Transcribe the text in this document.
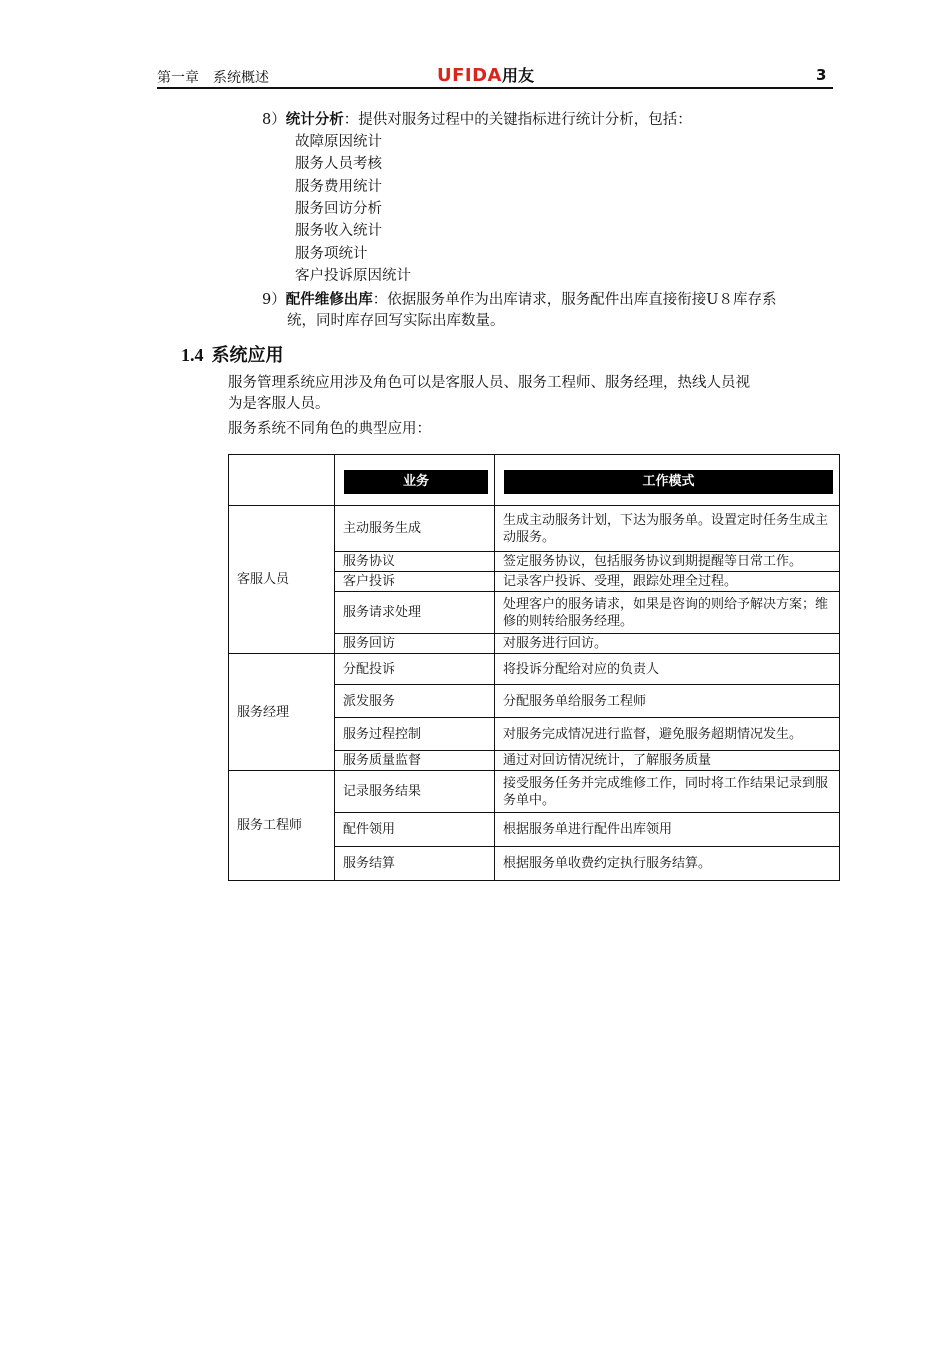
第一章　系统概述	UFIDA用友	3
8）统计分析：提供对服务过程中的关键指标进行统计分析，包括：
故障原因统计
服务人员考核
服务费用统计
服务回访分析
服务收入统计
服务项统计
客户投诉原因统计
9）配件维修出库：依据服务单作为出库请求，服务配件出库直接衔接U８库存系
统，同时库存回写实际出库数量。
1.4 系统应用
服务管理系统应用涉及角色可以是客服人员、服务工程师、服务经理，热线人员视
为是客服人员。
服务系统不同角色的典型应用：

	业务	工作模式

客服人员	主动服务生成	生成主动服务计划，下达为服务单。设置定时任务生成主动服务。
	服务协议	签定服务协议，包括服务协议到期提醒等日常工作。
	客户投诉	记录客户投诉、受理，跟踪处理全过程。
	服务请求处理	处理客户的服务请求，如果是咨询的则给予解决方案；维修的则转给服务经理。
	服务回访	对服务进行回访。
服务经理	分配投诉	将投诉分配给对应的负责人
	派发服务	分配服务单给服务工程师
	服务过程控制	对服务完成情况进行监督，避免服务超期情况发生。
	服务质量监督	通过对回访情况统计，了解服务质量
服务工程师	记录服务结果	接受服务任务并完成维修工作，同时将工作结果记录到服务单中。
	配件领用	根据服务单进行配件出库领用
	服务结算	根据服务单收费约定执行服务结算。
